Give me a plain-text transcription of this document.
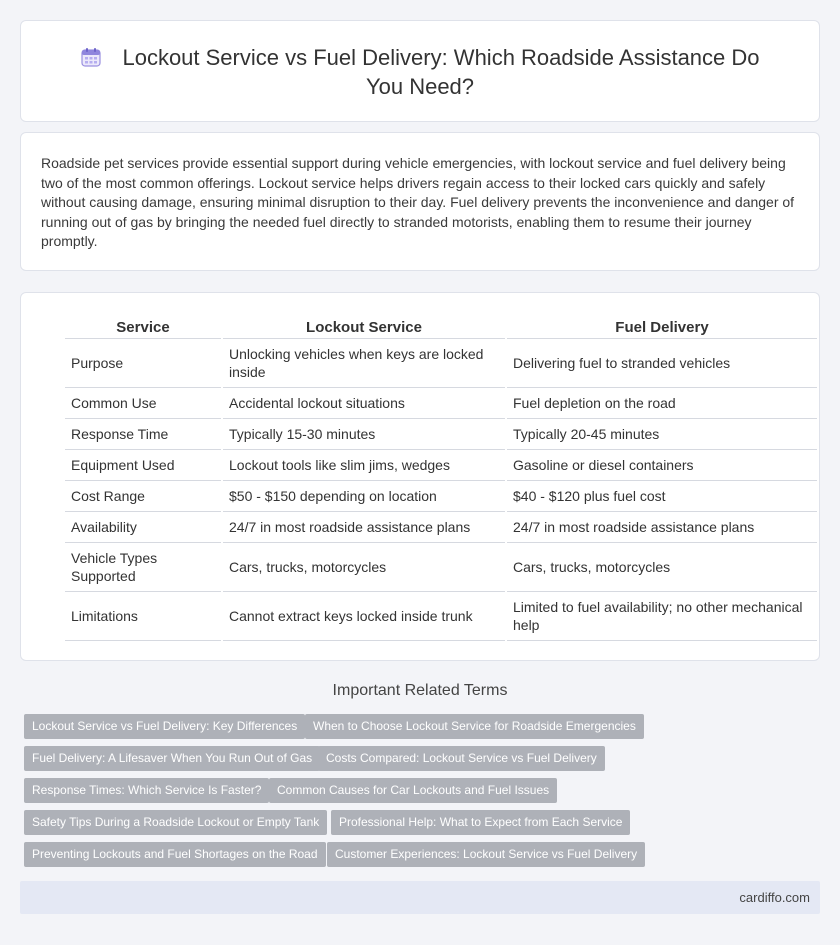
Lockout Service vs Fuel Delivery: Which Roadside Assistance Do You Need?

Roadside pet services provide essential support during vehicle emergencies, with lockout service and fuel delivery being two of the most common offerings. Lockout service helps drivers regain access to their locked cars quickly and safely without causing damage, ensuring minimal disruption to their day. Fuel delivery prevents the inconvenience and danger of running out of gas by bringing the needed fuel directly to stranded motorists, enabling them to resume their journey promptly.

Service	Lockout Service	Fuel Delivery
Purpose	Unlocking vehicles when keys are locked inside	Delivering fuel to stranded vehicles
Common Use	Accidental lockout situations	Fuel depletion on the road
Response Time	Typically 15-30 minutes	Typically 20-45 minutes
Equipment Used	Lockout tools like slim jims, wedges	Gasoline or diesel containers
Cost Range	$50 - $150 depending on location	$40 - $120 plus fuel cost
Availability	24/7 in most roadside assistance plans	24/7 in most roadside assistance plans
Vehicle Types Supported	Cars, trucks, motorcycles	Cars, trucks, motorcycles
Limitations	Cannot extract keys locked inside trunk	Limited to fuel availability; no other mechanical help
Important Related Terms
Lockout Service vs Fuel Delivery: Key Differences	When to Choose Lockout Service for Roadside Emergencies
Fuel Delivery: A Lifesaver When You Run Out of Gas	Costs Compared: Lockout Service vs Fuel Delivery
Response Times: Which Service Is Faster?	Common Causes for Car Lockouts and Fuel Issues
Safety Tips During a Roadside Lockout or Empty Tank	Professional Help: What to Expect from Each Service
Preventing Lockouts and Fuel Shortages on the Road	Customer Experiences: Lockout Service vs Fuel Delivery
cardiffo.com
